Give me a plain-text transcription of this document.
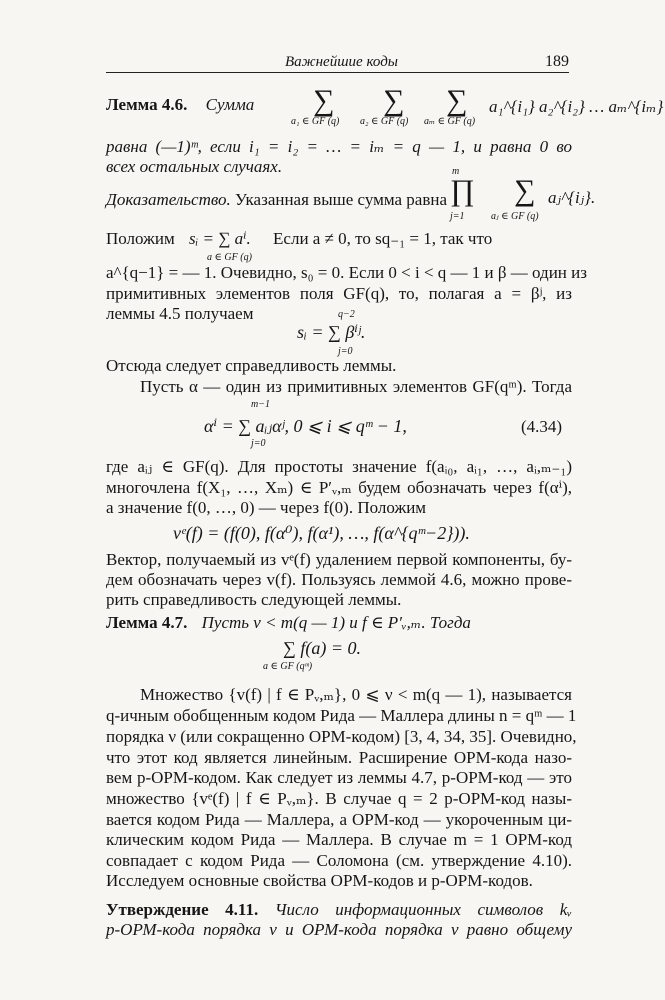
Важнейшие коды	189
Лемма 4.6. Сумма	∑ ∑ ∑
a₁ ∈ GF (q) a₂ ∈ GF (q) aₘ ∈ GF (q)
a₁^{i₁} a₂^{i₂} … aₘ^{iₘ}
равна (—1)ᵐ, если i₁ = i₂ = … = iₘ = q — 1, и равна 0 во
всех остальных случаях.
Доказательство. Указанная выше сумма равна
m
∏
j=1
∑
aⱼ ∈ GF (q)
aⱼ^{iⱼ}.
Положим sᵢ = ∑ aⁱ. Если a ≠ 0, то sq₋₁ = 1, так что
a ∈ GF (q)
a^{q−1} = — 1. Очевидно, s₀ = 0. Если 0 < i < q — 1 и β — один из
примитивных элементов поля GF(q), то, полагая a = βʲ, из
леммы 4.5 получаем	q−2
sᵢ = ∑ βⁱʲ.
j=0
Отсюда следует справедливость леммы.
Пусть α — один из примитивных элементов GF(qᵐ). Тогда
m−1
αⁱ = ∑ aᵢⱼαʲ, 0 ⩽ i ⩽ qᵐ − 1,
j=0
(4.34)
где aᵢⱼ ∈ GF(q). Для простоты значение f(aᵢ₀, aᵢ₁, …, aᵢ,ₘ₋₁)
многочлена f(X₁, …, Xₘ) ∈ P′ᵥ,ₘ будем обозначать через f(αⁱ),
а значение f(0, …, 0) — через f(0). Положим
vᵉ(f) = (f(0), f(α⁰), f(α¹), …, f(α^{qᵐ−2})).
Вектор, получаемый из vᵉ(f) удалением первой компоненты, бу-
дем обозначать через v(f). Пользуясь леммой 4.6, можно прове-
рить справедливость следующей леммы.
Лемма 4.7. Пусть ν < m(q — 1) и f ∈ P′ᵥ,ₘ. Тогда
∑ f(a) = 0.
a ∈ GF (qᵐ)
Множество {v(f) | f ∈ Pᵥ,ₘ}, 0 ⩽ ν < m(q — 1), называется
q-ичным обобщенным кодом Рида — Маллера длины n = qᵐ — 1
порядка ν (или сокращенно ОРМ-кодом) [3, 4, 34, 35]. Очевидно,
что этот код является линейным. Расширение ОРМ-кода назо-
вем р-ОРМ-кодом. Как следует из леммы 4.7, р-ОРМ-код — это
множество {vᵉ(f) | f ∈ Pᵥ,ₘ}. В случае q = 2 р-ОРМ-код назы-
вается кодом Рида — Маллера, а ОРМ-код — укороченным ци-
клическим кодом Рида — Маллера. В случае m = 1 ОРМ-код
совпадает с кодом Рида — Соломона (см. утверждение 4.10).
Исследуем основные свойства ОРМ-кодов и р-ОРМ-кодов.
Утверждение 4.11. Число информационных символов kᵥ
р-ОРМ-кода порядка ν и ОРМ-кода порядка ν равно общему
